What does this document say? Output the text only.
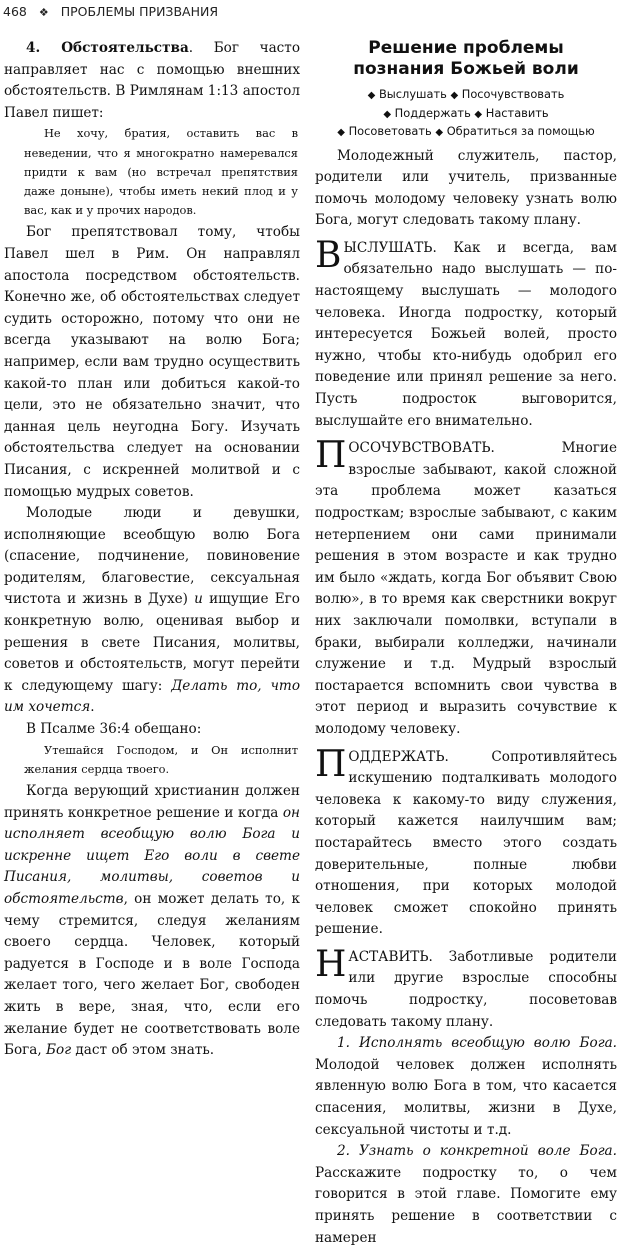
468 ❖ ПРОБЛЕМЫ ПРИЗВАНИЯ

4. Обстоятельства. Бог часто направляет нас с помощью внешних обстоятельств. В Римлянам 1:13 апостол Павел пишет:

Не хочу, братия, оставить вас в неведении, что я многократно намеревался придти к вам (но встречал препятствия даже доныне), чтобы иметь некий плод и у вас, как и у прочих народов.

Бог препятствовал тому, чтобы Павел шел в Рим. Он направлял апостола посредством обстоятельств. Конечно же, об обстоятельствах следует судить осторожно, потому что они не всегда указывают на волю Бога; например, если вам трудно осуществить какой-то план или добиться какой-то цели, это не обязательно значит, что данная цель неугодна Богу. Изучать обстоятельства следует на основании Писания, с искренней молитвой и с помощью мудрых советов.

Молодые люди и девушки, исполняющие всеобщую волю Бога (спасение, подчинение, повиновение родителям, благовестие, сексуальная чистота и жизнь в Духе) и ищущие Его конкретную волю, оценивая выбор и решения в свете Писания, молитвы, советов и обстоятельств, могут перейти к следующему шагу: Делать то, что им хочется.

В Псалме 36:4 обещано:

Утешайся Господом, и Он исполнит желания сердца твоего.

Когда верующий христианин должен принять конкретное решение и когда он исполняет всеобщую волю Бога и искренне ищет Его воли в свете Писания, молитвы, советов и обстоятельств, он может делать то, к чему стремится, следуя желаниям своего сердца. Человек, который радуется в Господе и в воле Господа желает того, чего желает Бог, свободен жить в вере, зная, что, если его желание будет не соответствовать воле Бога, Бог даст об этом знать.

Решение проблемы
познания Божьей воли
◆ Выслушать ◆ Посочувствовать
◆ Поддержать ◆ Наставить
◆ Посоветовать ◆ Обратиться за помощью

Молодежный служитель, пастор, родители или учитель, призванные помочь молодому человеку узнать волю Бога, могут следовать такому плану.

ВЫСЛУШАТЬ. Как и всегда, вам обязательно надо выслушать — по-настоящему выслушать — молодого человека. Иногда подростку, который интересуется Божьей волей, просто нужно, чтобы кто-нибудь одобрил его поведение или принял решение за него. Пусть подросток выговорится, выслушайте его внимательно.

ПОСОЧУВСТВОВАТЬ. Многие взрослые забывают, какой сложной эта проблема может казаться подросткам; взрослые забывают, с каким нетерпением они сами принимали решения в этом возрасте и как трудно им было «ждать, когда Бог объявит Свою волю», в то время как сверстники вокруг них заключали помолвки, вступали в браки, выбирали колледжи, начинали служение и т.д. Мудрый взрослый постарается вспомнить свои чувства в этот период и выразить сочувствие к молодому человеку.

ПОДДЕРЖАТЬ. Сопротивляйтесь искушению подталкивать молодого человека к какому-то виду служения, который кажется наилучшим вам; постарайтесь вместо этого создать доверительные, полные любви отношения, при которых молодой человек сможет спокойно принять решение.

НАСТАВИТЬ. Заботливые родители или другие взрослые способны помочь подростку, посоветовав следовать такому плану.

1. Исполнять всеобщую волю Бога. Молодой человек должен исполнять явленную волю Бога в том, что касается спасения, молитвы, жизни в Духе, сексуальной чистоты и т.д.

2. Узнать о конкретной воле Бога. Расскажите подростку то, о чем говорится в этой главе. Помогите ему принять решение в соответствии с намерен
